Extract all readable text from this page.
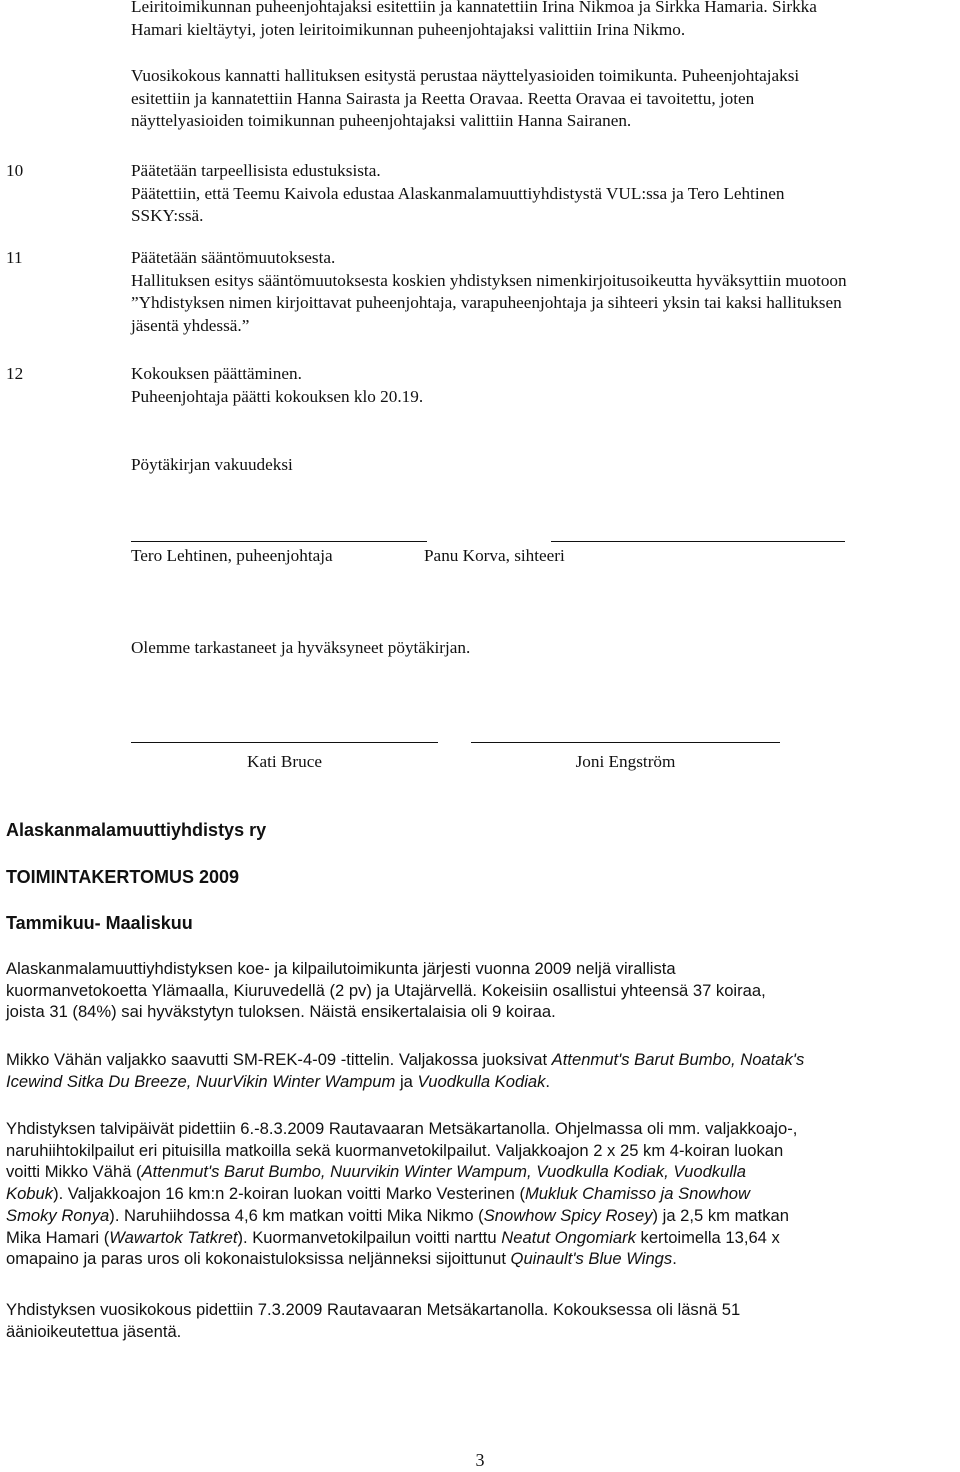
Leiritoimikunnan puheenjohtajaksi esitettiin ja kannatettiin Irina Nikmoa ja Sirkka Hamaria. Sirkka

Hamari kieltäytyi, joten leiritoimikunnan puheenjohtajaksi valittiin Irina Nikmo.

Vuosikokous kannatti hallituksen esitystä perustaa näyttelyasioiden toimikunta. Puheenjohtajaksi

esitettiin ja kannatettiin Hanna Sairasta ja Reetta Oravaa. Reetta Oravaa ei tavoitettu, joten

näyttelyasioiden toimikunnan puheenjohtajaksi valittiin Hanna Sairanen.

10	Päätetään tarpeellisista edustuksista.

Päätettiin, että Teemu Kaivola edustaa Alaskanmalamuuttiyhdistystä VUL:ssa ja Tero Lehtinen

SSKY:ssä.

11	Päätetään sääntömuutoksesta.

Hallituksen esitys sääntömuutoksesta koskien yhdistyksen nimenkirjoitusoikeutta hyväksyttiin muotoon

”Yhdistyksen nimen kirjoittavat puheenjohtaja, varapuheenjohtaja ja sihteeri yksin tai kaksi hallituksen

jäsentä yhdessä.”

12	Kokouksen päättäminen.

Puheenjohtaja päätti kokouksen klo 20.19.

Pöytäkirjan vakuudeksi
Tero Lehtinen, puheenjohtaja	Panu Korva, sihteeri
Olemme tarkastaneet ja hyväksyneet pöytäkirjan.
Kati Bruce	Joni Engström
Alaskanmalamuuttiyhdistys ry
TOIMINTAKERTOMUS 2009
Tammikuu- Maaliskuu
Alaskanmalamuuttiyhdistyksen koe- ja kilpailutoimikunta järjesti vuonna 2009 neljä virallista
kuormanvetokoetta Ylämaalla, Kiuruvedellä (2 pv) ja Utajärvellä. Kokeisiin osallistui yhteensä 37 koiraa,
joista 31 (84%) sai hyväkstytyn tuloksen. Näistä ensikertalaisia oli 9 koiraa.
Mikko Vähän valjakko saavutti SM-REK-4-09 -tittelin. Valjakossa juoksivat Attenmut's Barut Bumbo, Noatak's
Icewind Sitka Du Breeze, NuurVikin Winter Wampum ja Vuodkulla Kodiak.
Yhdistyksen talvipäivät pidettiin 6.-8.3.2009 Rautavaaran Metsäkartanolla. Ohjelmassa oli mm. valjakkoajo-,
naruhiihtokilpailut eri pituisilla matkoilla sekä kuormanvetokilpailut. Valjakkoajon 2 x 25 km 4-koiran luokan
voitti Mikko Vähä (Attenmut's Barut Bumbo, Nuurvikin Winter Wampum, Vuodkulla Kodiak, Vuodkulla
Kobuk). Valjakkoajon 16 km:n 2-koiran luokan voitti Marko Vesterinen (Mukluk Chamisso ja Snowhow
Smoky Ronya). Naruhiihdossa 4,6 km matkan voitti Mika Nikmo (Snowhow Spicy Rosey) ja 2,5 km matkan
Mika Hamari (Wawartok Tatkret). Kuormanvetokilpailun voitti narttu Neatut Ongomiark kertoimella 13,64 x
omapaino ja paras uros oli kokonaistuloksissa neljänneksi sijoittunut Quinault's Blue Wings.
Yhdistyksen vuosikokous pidettiin 7.3.2009 Rautavaaran Metsäkartanolla. Kokouksessa oli läsnä 51
äänioikeutettua jäsentä.
3
